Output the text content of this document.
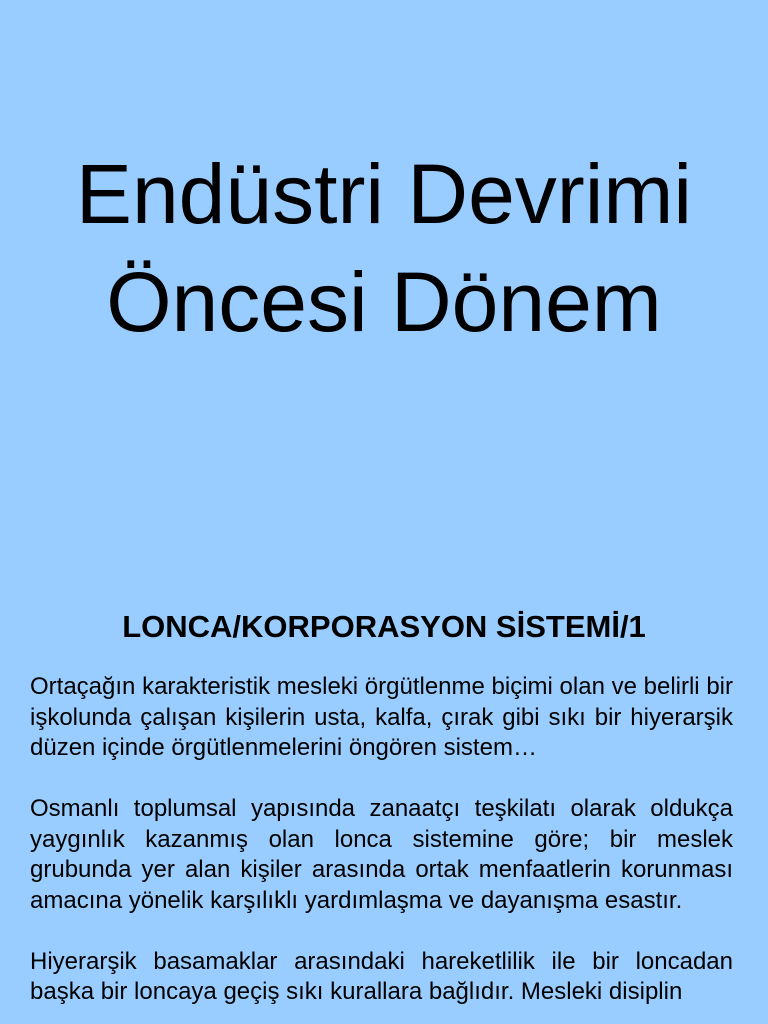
Endüstri Devrimi
Öncesi Dönem
LONCA/KORPORASYON SİSTEMİ/1

Ortaçağın karakteristik mesleki örgütlenme biçimi olan ve belirli bir işkolunda çalışan kişilerin usta, kalfa, çırak gibi sıkı bir hiyerarşik düzen içinde örgütlenmelerini öngören sistem…

Osmanlı toplumsal yapısında zanaatçı teşkilatı olarak oldukça yaygınlık kazanmış olan lonca sistemine göre; bir meslek grubunda yer alan kişiler arasında ortak menfaatlerin korunması amacına yönelik karşılıklı yardımlaşma ve dayanışma esastır.

Hiyerarşik basamaklar arasındaki hareketlilik ile bir loncadan başka bir loncaya geçiş sıkı kurallara bağlıdır. Mesleki disiplin
